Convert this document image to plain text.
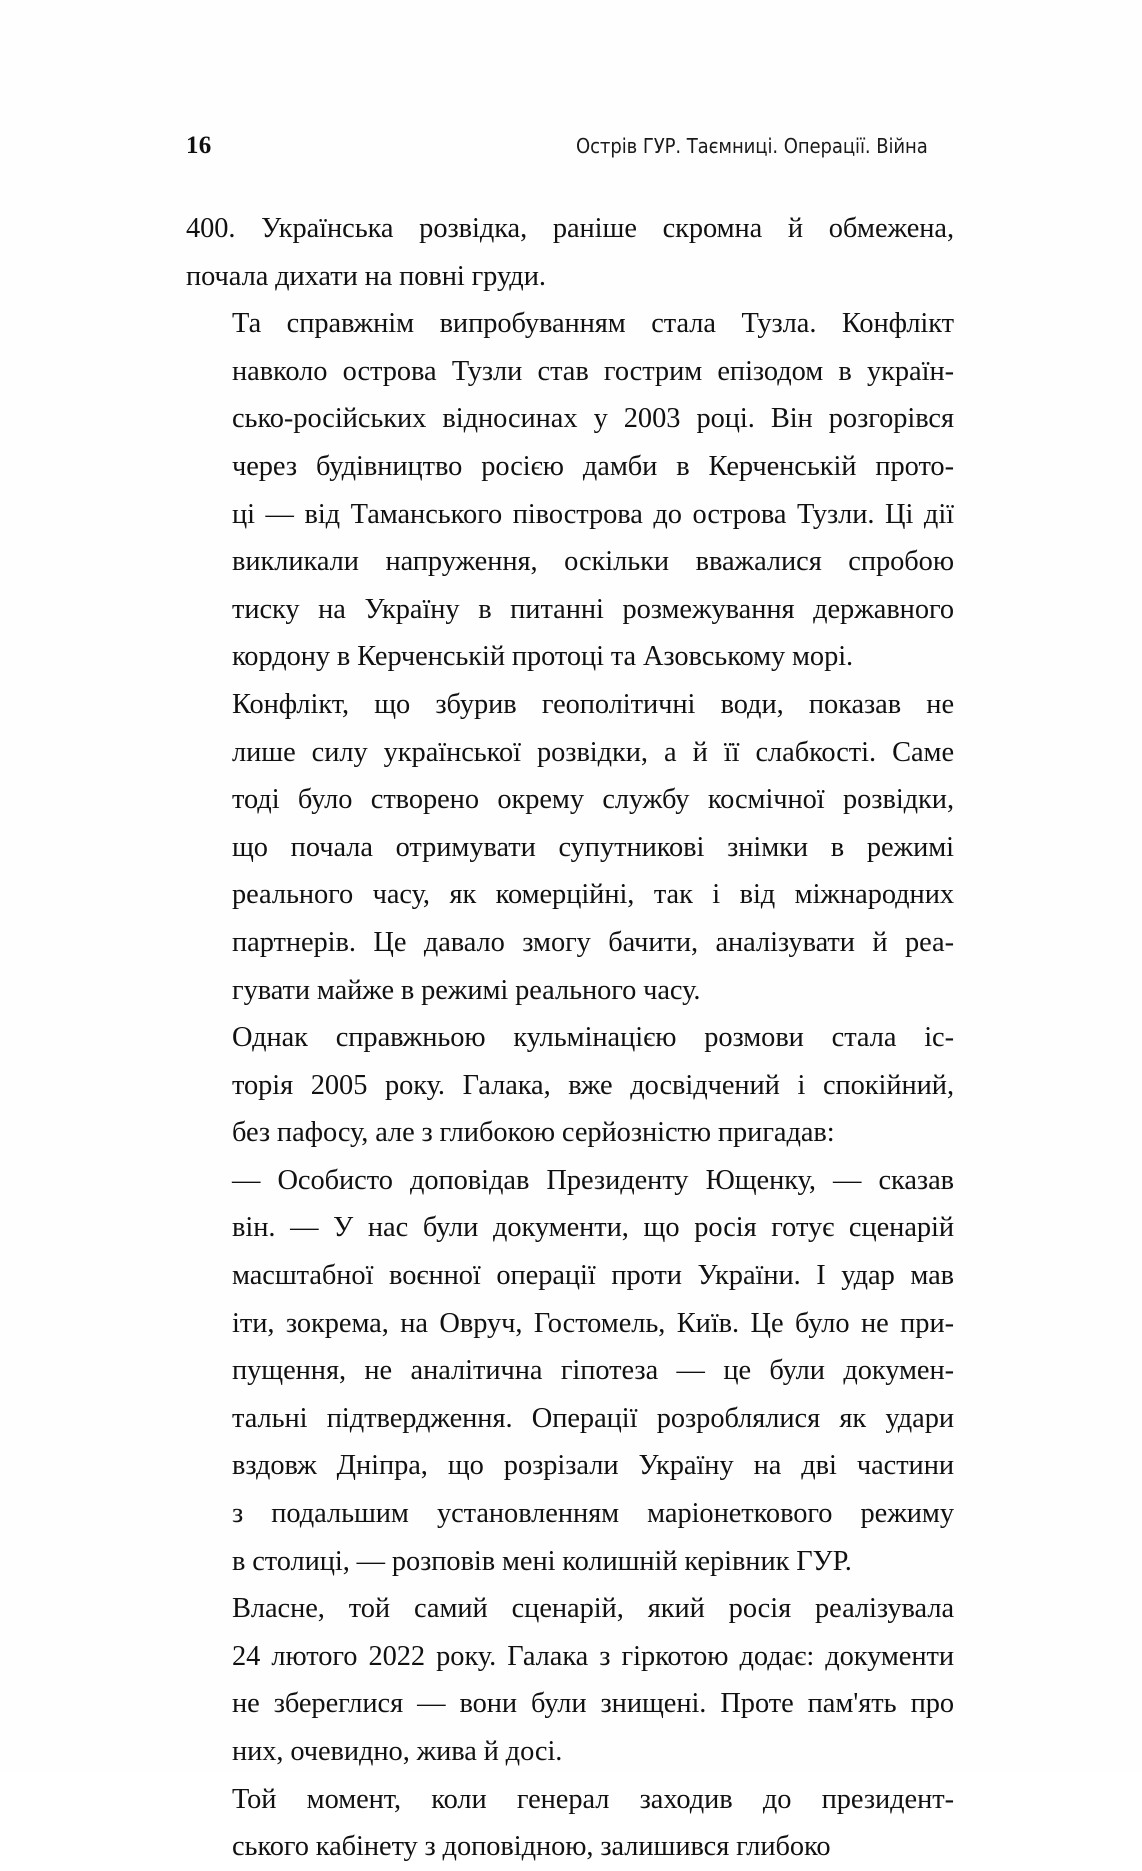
16	Острів ГУР. Таємниці. Операції. Війна

400. Українська розвідка, раніше скромна й обмежена,
почала дихати на повні груди.

Та справжнім випробуванням стала Тузла. Конфлікт
навколо острова Тузли став гострим епізодом в україн-
сько-російських відносинах у 2003 році. Він розгорівся
через будівництво росією дамби в Керченській прото-
ці — від Таманського півострова до острова Тузли. Ці дії
викликали напруження, оскільки вважалися спробою
тиску на Україну в питанні розмежування державного
кордону в Керченській протоці та Азовському морі.

Конфлікт, що збурив геополітичні води, показав не
лише силу української розвідки, а й її слабкості. Саме
тоді було створено окрему службу космічної розвідки,
що почала отримувати супутникові знімки в режимі
реального часу, як комерційні, так і від міжнародних
партнерів. Це давало змогу бачити, аналізувати й реа-
гувати майже в режимі реального часу.

Однак справжньою кульмінацією розмови стала іс-
торія 2005 року. Галака, вже досвідчений і спокійний,
без пафосу, але з глибокою серйозністю пригадав:

— Особисто доповідав Президенту Ющенку, — сказав
він. — У нас були документи, що росія готує сценарій
масштабної воєнної операції проти України. І удар мав
іти, зокрема, на Овруч, Гостомель, Київ. Це було не при-
пущення, не аналітична гіпотеза — це були докумен-
тальні підтвердження. Операції розроблялися як удари
вздовж Дніпра, що розрізали Україну на дві частини
з подальшим установленням маріонеткового режиму
в столиці, — розповів мені колишній керівник ГУР.

Власне, той самий сценарій, який росія реалізувала
24 лютого 2022 року. Галака з гіркотою додає: документи
не збереглися — вони були знищені. Проте пам'ять про
них, очевидно, жива й досі.

Той момент, коли генерал заходив до президент-
ського кабінету з доповідною, залишився глибоко
